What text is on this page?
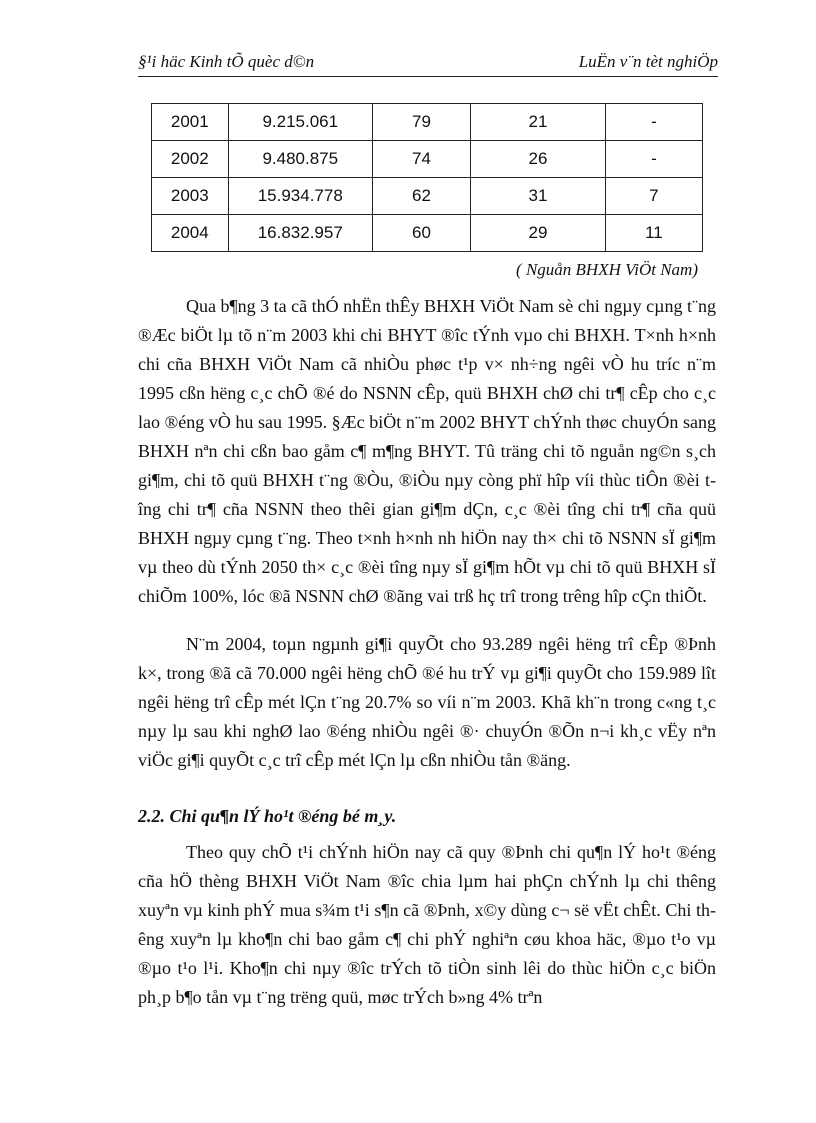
§¹i häc Kinh tÕ quèc d©n	LuËn v¨n tèt nghiÖp
2001	9.215.061	79	21	-
2002	9.480.875	74	26	-
2003	15.934.778	62	31	7
2004	16.832.957	60	29	11
( Nguån BHXH ViÖt Nam)

Qua b¶ng 3 ta cã thÓ nhËn thÊy BHXH ViÖt Nam sè chi ngµy cµng t¨ng ®Æc biÖt lµ tõ n¨m 2003 khi chi BHYT ®îc tÝnh vµo chi BHXH. T×nh h×nh chi cña BHXH ViÖt Nam cã nhiÒu phøc t¹p v× nh÷ng ngêi vÒ hu tríc n¨m 1995 cßn hëng c¸c chÕ ®é do NSNN cÊp, quü BHXH chØ chi tr¶ cÊp cho c¸c lao ®éng vÒ hu sau 1995. §Æc biÖt n¨m 2002 BHYT chÝnh thøc chuyÓn sang BHXH nªn chi cßn bao gåm c¶ m¶ng BHYT. Tû träng chi tõ nguån ng©n s¸ch gi¶m, chi tõ quü BHXH t¨ng ®Òu, ®iÒu nµy còng phï hîp víi thùc tiÔn ®èi tîng chi tr¶ cña NSNN theo thêi gian gi¶m dÇn, c¸c ®èi tîng chi tr¶ cña quü BHXH ngµy cµng t¨ng. Theo t×nh h×nh nh hiÖn nay th× chi tõ NSNN sÏ gi¶m vµ theo dù tÝnh 2050 th× c¸c ®èi tîng nµy sÏ gi¶m hÕt vµ chi tõ quü BHXH sÏ chiÕm 100%, lóc ®ã NSNN chØ ®ãng vai trß hç trî trong trêng hîp cÇn thiÕt.

N¨m 2004, toµn ngµnh gi¶i quyÕt cho 93.289 ngêi hëng trî cÊp ®Þnh k×, trong ®ã cã 70.000 ngêi hëng chÕ ®é hu trÝ vµ gi¶i quyÕt cho 159.989 lît ngêi hëng trî cÊp mét lÇn t¨ng 20.7% so víi n¨m 2003. Khã kh¨n trong c«ng t¸c nµy lµ sau khi nghØ lao ®éng nhiÒu ngêi ®· chuyÓn ®Õn n¬i kh¸c vËy nªn viÖc gi¶i quyÕt c¸c trî cÊp mét lÇn lµ cßn nhiÒu tån ®äng.

2.2. Chi qu¶n lÝ ho¹t ®éng bé m¸y.

Theo quy chÕ t¹i chÝnh hiÖn nay cã quy ®Þnh chi qu¶n lÝ ho¹t ®éng cña hÖ thèng BHXH ViÖt Nam ®îc chia lµm hai phÇn chÝnh lµ chi thêng xuyªn vµ kinh phÝ mua s¾m t¹i s¶n cã ®Þnh, x©y dùng c¬ së vËt chÊt. Chi thêng xuyªn lµ kho¶n chi bao gåm c¶ chi phÝ nghiªn cøu khoa häc, ®µo t¹o vµ ®µo t¹o l¹i. Kho¶n chi nµy ®îc trÝch tõ tiÒn sinh lêi do thùc hiÖn c¸c biÖn ph¸p b¶o tån vµ t¨ng trëng quü, møc trÝch b»ng 4% trªn
